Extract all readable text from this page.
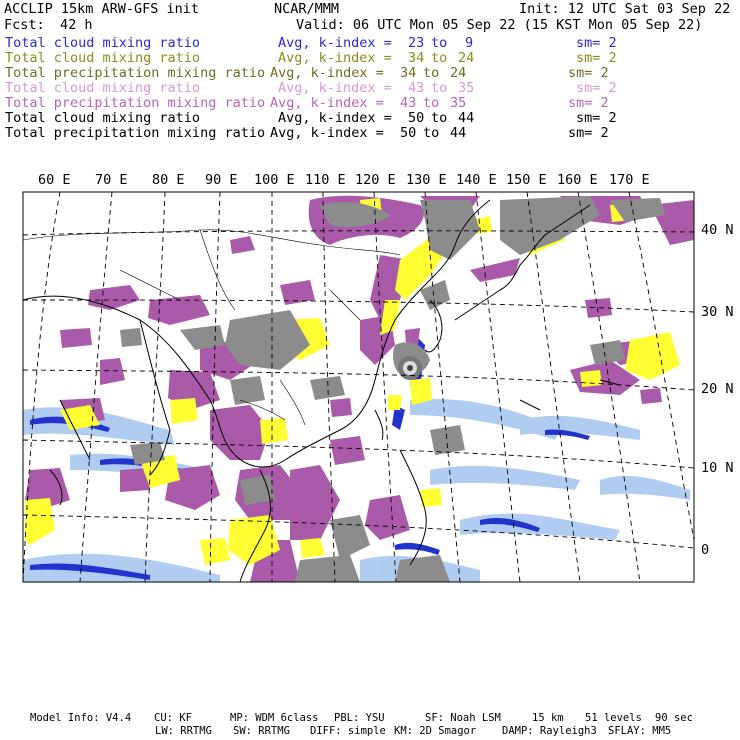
ACCLIP 15km ARW-GFS init	NCAR/MMM	Init: 12 UTC Sat 03 Sep 22
Fcst: 42 h	Valid: 06 UTC Mon 05 Sep 22 (15 KST Mon 05 Sep 22)
Total cloud mixing ratio	Avg, k-index = 23 to 9	sm= 2
Total cloud mixing ratio	Avg, k-index = 34 to 24	sm= 2
Total precipitation mixing ratio Avg, k-index = 34 to 24	sm= 2
Total cloud mixing ratio	Avg, k-index = 43 to 35	sm= 2
Total precipitation mixing ratio Avg, k-index = 43 to 35	sm= 2
Total cloud mixing ratio	Avg, k-index = 50 to 44	sm= 2
Total precipitation mixing ratio Avg, k-index = 50 to 44	sm= 2
60 E 70 E 80 E 90 E 100 E 110 E 120 E 130 E 140 E 150 E 160 E 170 E
40 N
30 N
20 N
10 N
0
Model Info: V4.4 CU: KF	MP: WDM 6class PBL: YSU	SF: Noah LSM	15 km 51 levels 90 sec
LW: RRTMG SW: RRTMG DIFF: simple KM: 2D Smagor DAMP: Rayleigh3 SFLAY: MM5
